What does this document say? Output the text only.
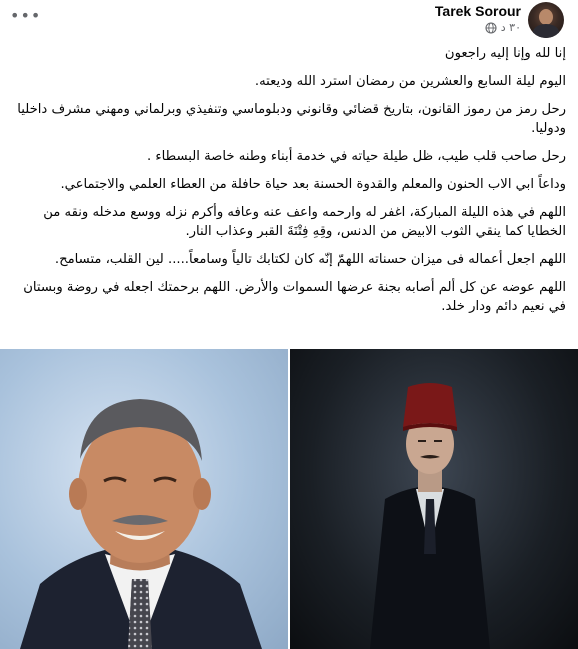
Tarek Sorour
٣٠ د
•••

إنا لله وإنا إليه راجعون

اليوم ليلة السابع والعشرين من رمضان استرد الله وديعته.

رحل رمز من رموز القانون، بتاريخ قضائي وقانوني ودبلوماسي وتنفيذي وبرلماني ومهني مشرف داخليا ودوليا.

رحل صاحب قلب طيب، ظل طيلة حياته في خدمة أبناء وطنه خاصة البسطاء .

وداعاً ابي الاب الحنون والمعلم والقدوة الحسنة بعد حياة حافلة من العطاء العلمي والاجتماعي.

اللهم في هذه الليلة المباركة، اغفر له وارحمه واعف عنه وعافه وأكرم نزله ووسع مدخله ونقه من الخطايا كما ينقي الثوب الابيض من الدنس، وقِهِ فِتْنَةَ القبر وعذاب النار.

اللهم اجعل أعماله فى ميزان حسناته اللهمّ إنّه كان لكتابك تالياً وسامعاً..... لين القلب، متسامح.

اللهم عوضه عن كل ألم أصابه بجنة عرضها السموات والأرض. اللهم برحمتك اجعله في روضة وبستان في نعيم دائم ودار خلد.
